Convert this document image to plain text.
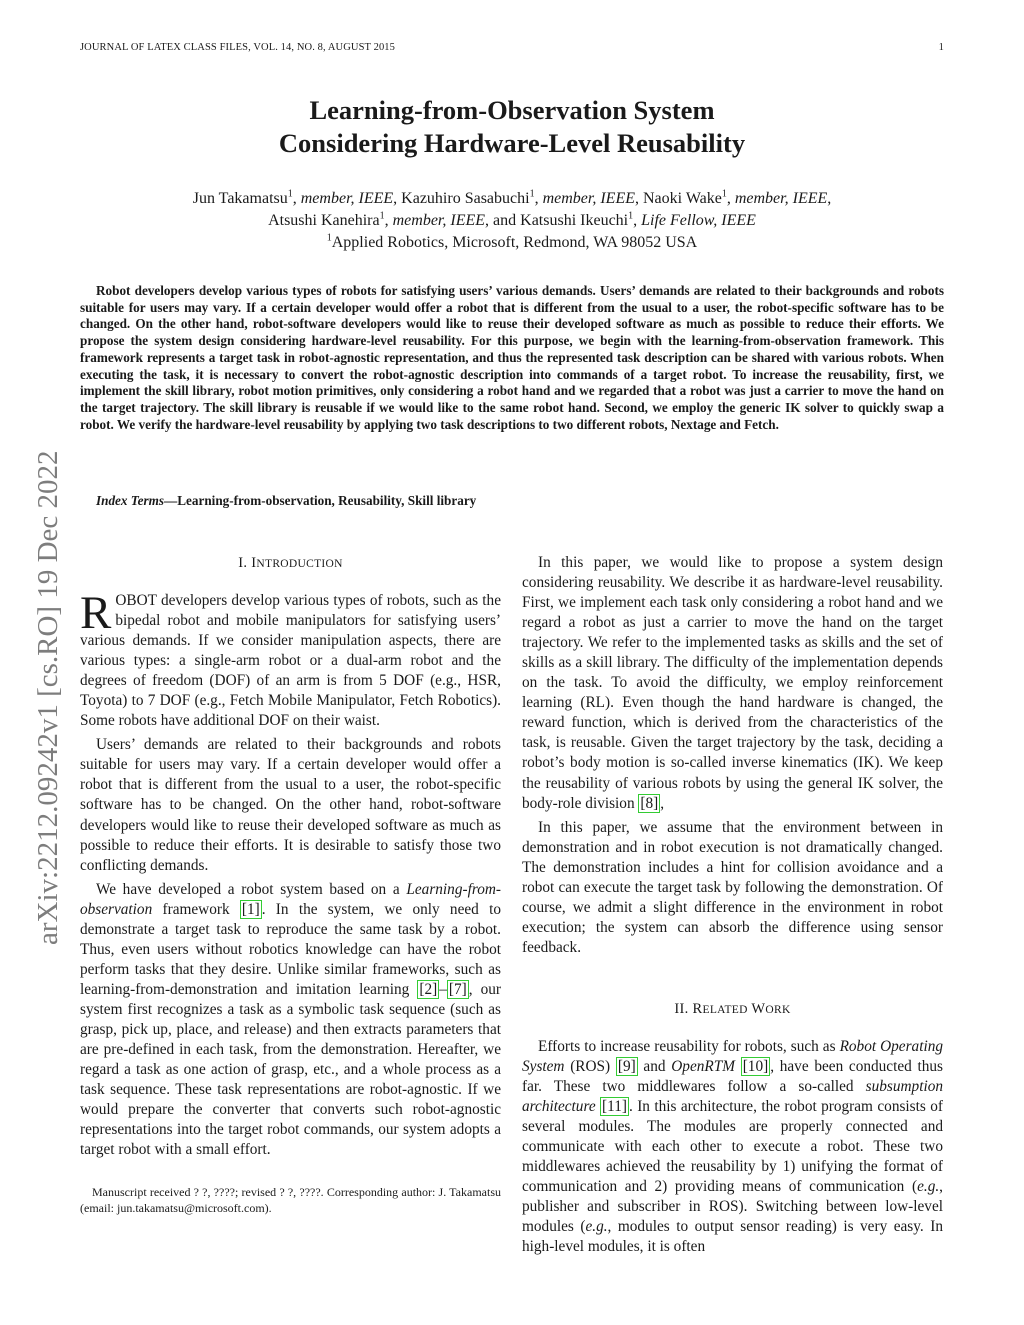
JOURNAL OF LATEX CLASS FILES, VOL. 14, NO. 8, AUGUST 2015	1
arXiv:2212.09242v1 [cs.RO] 19 Dec 2022
Learning-from-Observation System
Considering Hardware-Level Reusability
Jun Takamatsu$^1$, member, IEEE, Kazuhiro Sasabuchi$^1$, member, IEEE, Naoki Wake$^1$, member, IEEE,
Atsushi Kanehira$^1$, member, IEEE, and Katsushi Ikeuchi$^1$, Life Fellow, IEEE
$^1$Applied Robotics, Microsoft, Redmond, WA 98052 USA
Robot developers develop various types of robots for satisfying users’ various demands. Users’ demands are related to their backgrounds and robots suitable for users may vary. If a certain developer would offer a robot that is different from the usual to a user, the robot-specific software has to be changed. On the other hand, robot-software developers would like to reuse their developed software as much as possible to reduce their efforts. We propose the system design considering hardware-level reusability. For this purpose, we begin with the learning-from-observation framework. This framework represents a target task in robot-agnostic representation, and thus the represented task description can be shared with various robots. When executing the task, it is necessary to convert the robot-agnostic description into commands of a target robot. To increase the reusability, first, we implement the skill library, robot motion primitives, only considering a robot hand and we regarded that a robot was just a carrier to move the hand on the target trajectory. The skill library is reusable if we would like to the same robot hand. Second, we employ the generic IK solver to quickly swap a robot. We verify the hardware-level reusability by applying two task descriptions to two different robots, Nextage and Fetch.
Index Terms—Learning-from-observation, Reusability, Skill library
I. INTRODUCTION

ROBOT developers develop various types of robots, such as the bipedal robot and mobile manipulators for satisfying users’ various demands. If we consider manipulation aspects, there are various types: a single-arm robot or a dual-arm robot and the degrees of freedom (DOF) of an arm is from 5 DOF (e.g., HSR, Toyota) to 7 DOF (e.g., Fetch Mobile Manipulator, Fetch Robotics). Some robots have additional DOF on their waist.

Users’ demands are related to their backgrounds and robots suitable for users may vary. If a certain developer would offer a robot that is different from the usual to a user, the robot-specific software has to be changed. On the other hand, robot-software developers would like to reuse their developed software as much as possible to reduce their efforts. It is desirable to satisfy those two conflicting demands.

We have developed a robot system based on a Learning-from-observation framework [1] . In the system, we only need to demonstrate a target task to reproduce the same task by a robot. Thus, even users without robotics knowledge can have the robot perform tasks that they desire. Unlike similar frameworks, such as learning-from-demonstration and imitation learning [2] – [7] , our system first recognizes a task as a symbolic task sequence (such as grasp, pick up, place, and release) and then extracts parameters that are pre-defined in each task, from the demonstration. Hereafter, we regard a task as one action of grasp, etc., and a whole process as a task sequence. These task representations are robot-agnostic. If we would prepare the converter that converts such robot-agnostic representations into the target robot commands, our system adopts a target robot with a small effort.

Manuscript received ? ?, ????; revised ? ?, ????. Corresponding author: J. Takamatsu (email: jun.takamatsu@microsoft.com).

In this paper, we would like to propose a system design considering reusability. We describe it as hardware-level reusability. First, we implement each task only considering a robot hand and we regard a robot as just a carrier to move the hand on the target trajectory. We refer to the implemented tasks as skills and the set of skills as a skill library. The difficulty of the implementation depends on the task. To avoid the difficulty, we employ reinforcement learning (RL). Even though the hand hardware is changed, the reward function, which is derived from the characteristics of the task, is reusable. Given the target trajectory by the task, deciding a robot’s body motion is so-called inverse kinematics (IK). We keep the reusability of various robots by using the general IK solver, the body-role division [8] ,

In this paper, we assume that the environment between in demonstration and in robot execution is not dramatically changed. The demonstration includes a hint for collision avoidance and a robot can execute the target task by following the demonstration. Of course, we admit a slight difference in the environment in robot execution; the system can absorb the difference using sensor feedback.

II. RELATED WORK

Efforts to increase reusability for robots, such as Robot Operating System (ROS) [9] and OpenRTM [10] , have been conducted thus far. These two middlewares follow a so-called subsumption architecture [11] . In this architecture, the robot program consists of several modules. The modules are properly connected and communicate with each other to execute a robot. These two middlewares achieved the reusability by 1) unifying the format of communication and 2) providing means of communication (e.g., publisher and subscriber in ROS). Switching between low-level modules (e.g., modules to output sensor reading) is very easy. In high-level modules, it is often
